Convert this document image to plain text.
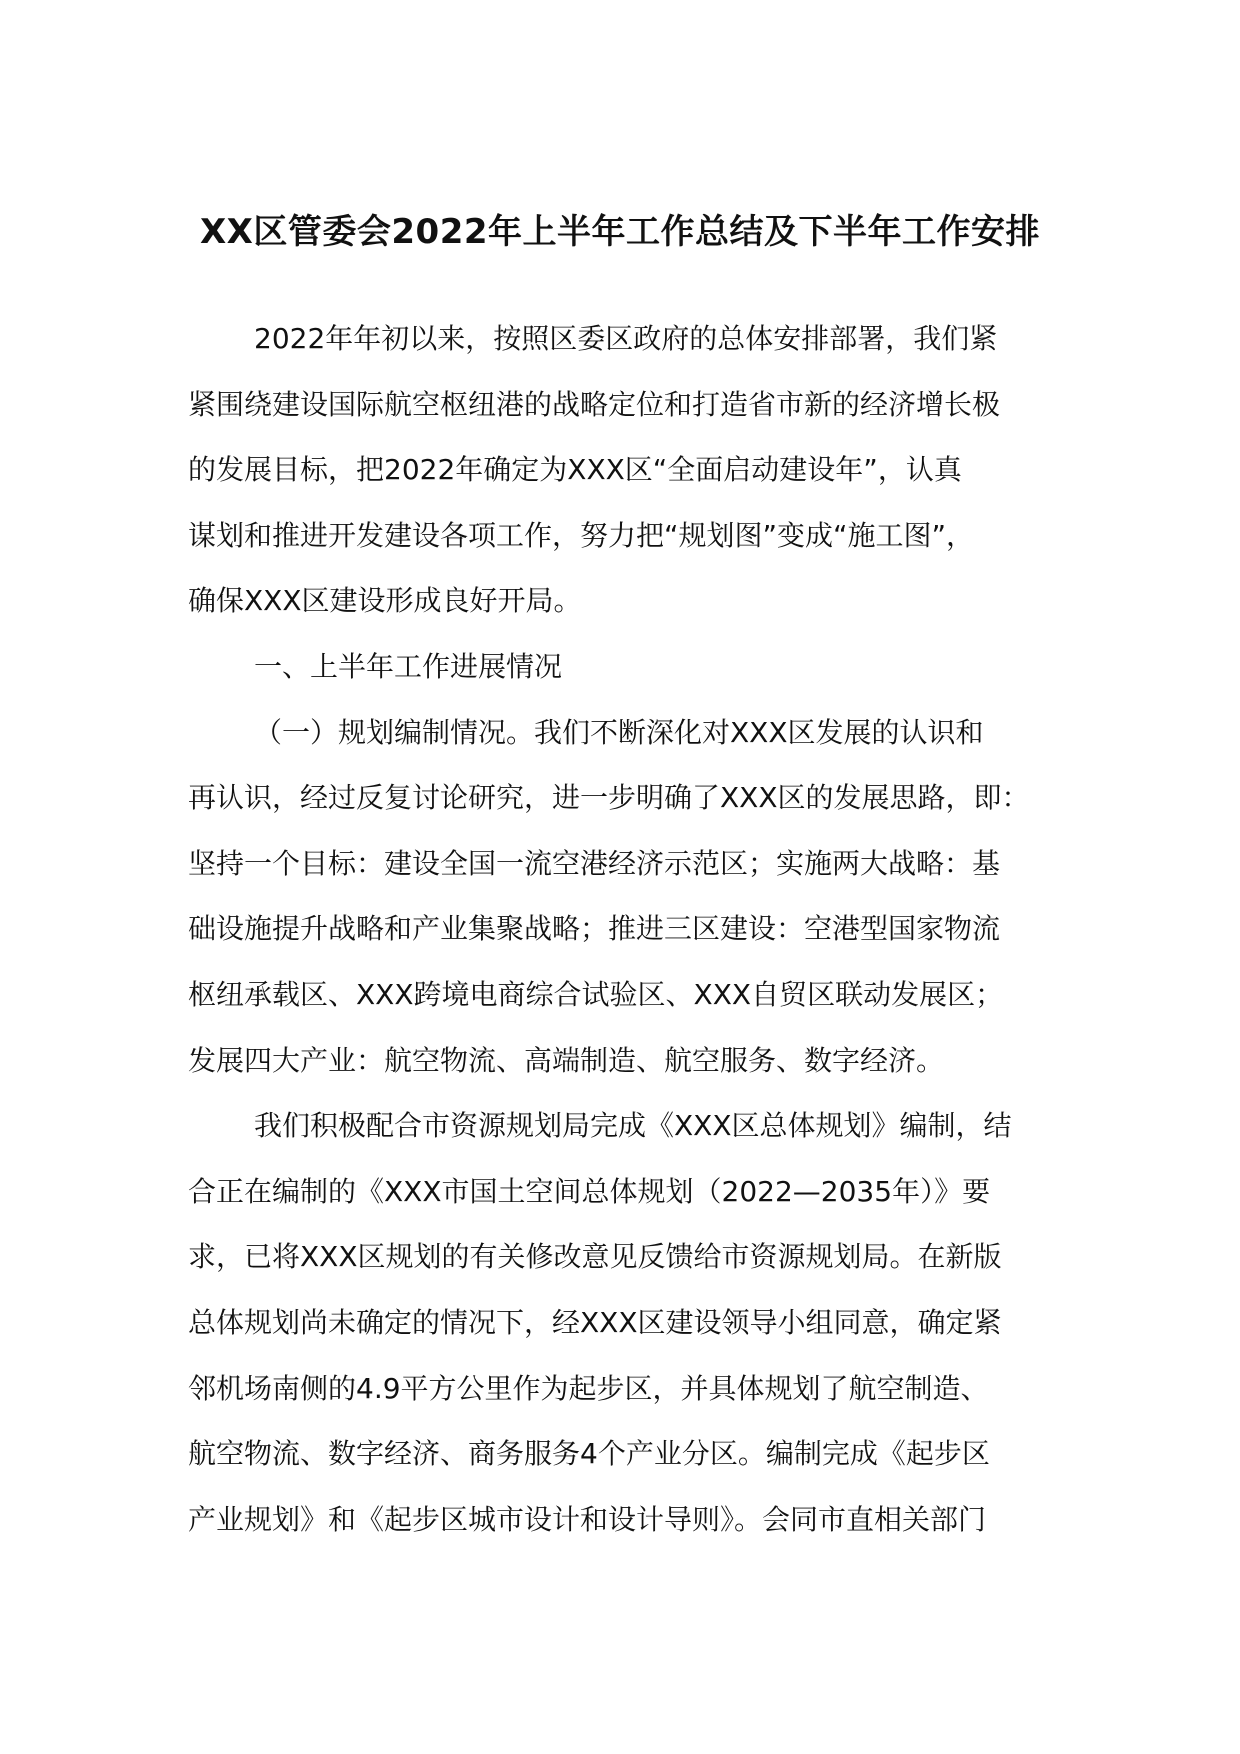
XX区管委会2022年上半年工作总结及下半年工作安排
2022年年初以来，按照区委区政府的总体安排部署，我们紧
紧围绕建设国际航空枢纽港的战略定位和打造省市新的经济增长极
的发展目标，把2022年确定为XXX区“全面启动建设年”，认真
谋划和推进开发建设各项工作，努力把“规划图”变成“施工图”，
确保XXX区建设形成良好开局。
一、上半年工作进展情况
（一）规划编制情况。我们不断深化对XXX区发展的认识和
再认识，经过反复讨论研究，进一步明确了XXX区的发展思路，即：
坚持一个目标：建设全国一流空港经济示范区；实施两大战略：基
础设施提升战略和产业集聚战略；推进三区建设：空港型国家物流
枢纽承载区、XXX跨境电商综合试验区、XXX自贸区联动发展区；
发展四大产业：航空物流、高端制造、航空服务、数字经济。
我们积极配合市资源规划局完成《XXX区总体规划》编制，结
合正在编制的《XXX市国土空间总体规划（2022—2035年）》要
求，已将XXX区规划的有关修改意见反馈给市资源规划局。在新版
总体规划尚未确定的情况下，经XXX区建设领导小组同意，确定紧
邻机场南侧的4.9平方公里作为起步区，并具体规划了航空制造、
航空物流、数字经济、商务服务4个产业分区。编制完成《起步区
产业规划》和《起步区城市设计和设计导则》。会同市直相关部门
